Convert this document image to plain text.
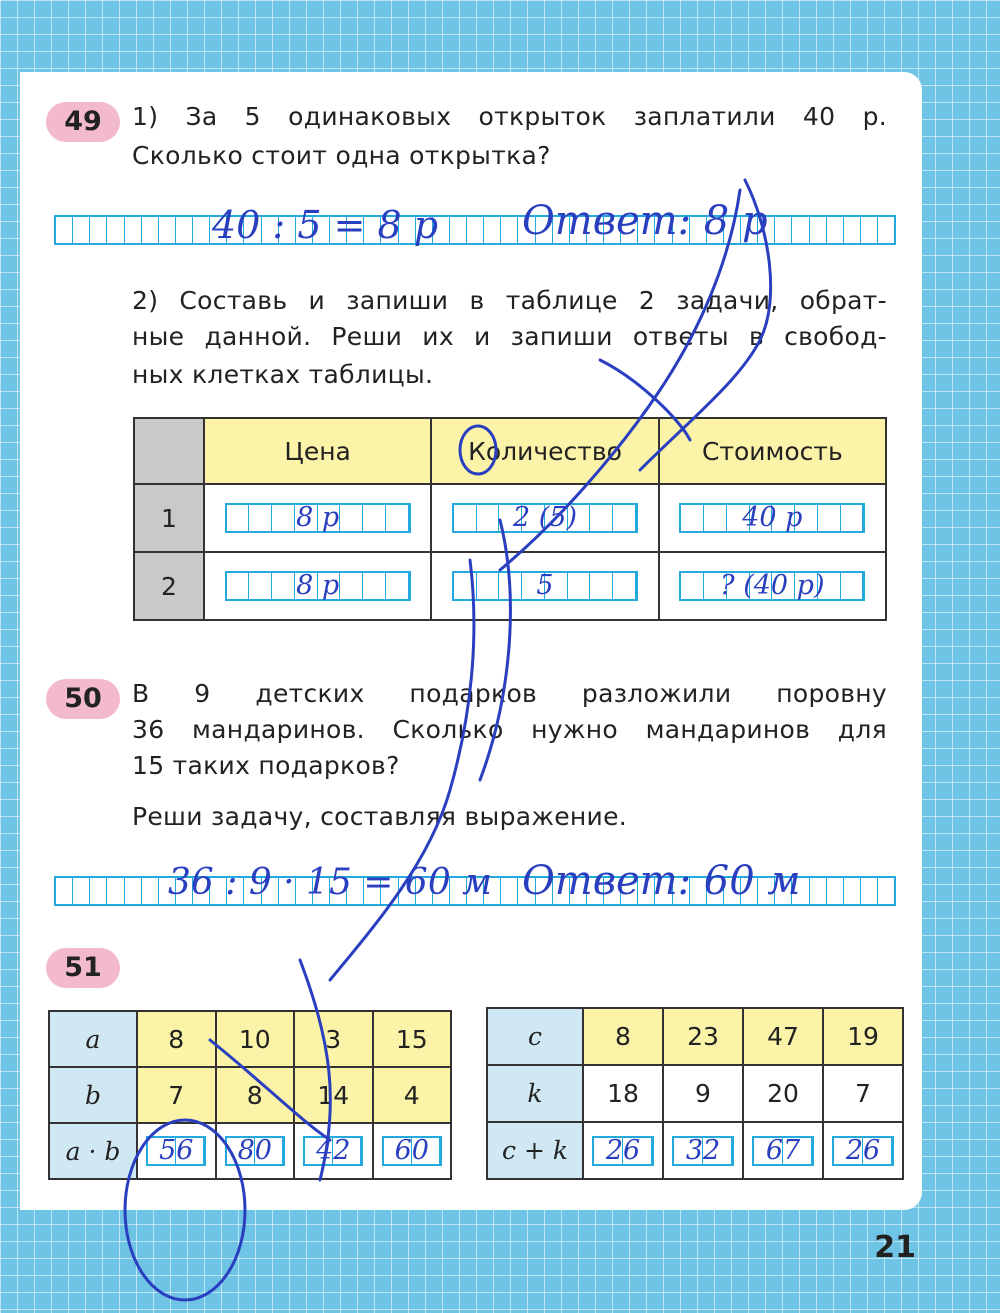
49	1) За 5 одинаковых открыток заплатили 40 р.
Сколько стоит одна открытка?
40 : 5 = 8 р Ответ: 8 р
2) Составь и запиши в таблице 2 задачи, обрат-
ные данной. Реши их и запиши ответы в свобод-
ных клетках таблицы.
	Цена	Количество	Стоимость
1	8 р	2 (5)	40 р

2	8 р	5	? (40 р)
50	В 9 детских подарков разложили поровну
36 мандаринов. Сколько нужно мандаринов для
15 таких подарков?
Реши задачу, составляя выражение.
36 : 9 · 15 = 60 м Ответ: 60 м
51
a	8	10	3	15
b	7	8	14	4
a · b	56	80	42	60
c	8	23	47	19
k	18	9	20	7
c + k	26	32	67	26
21
